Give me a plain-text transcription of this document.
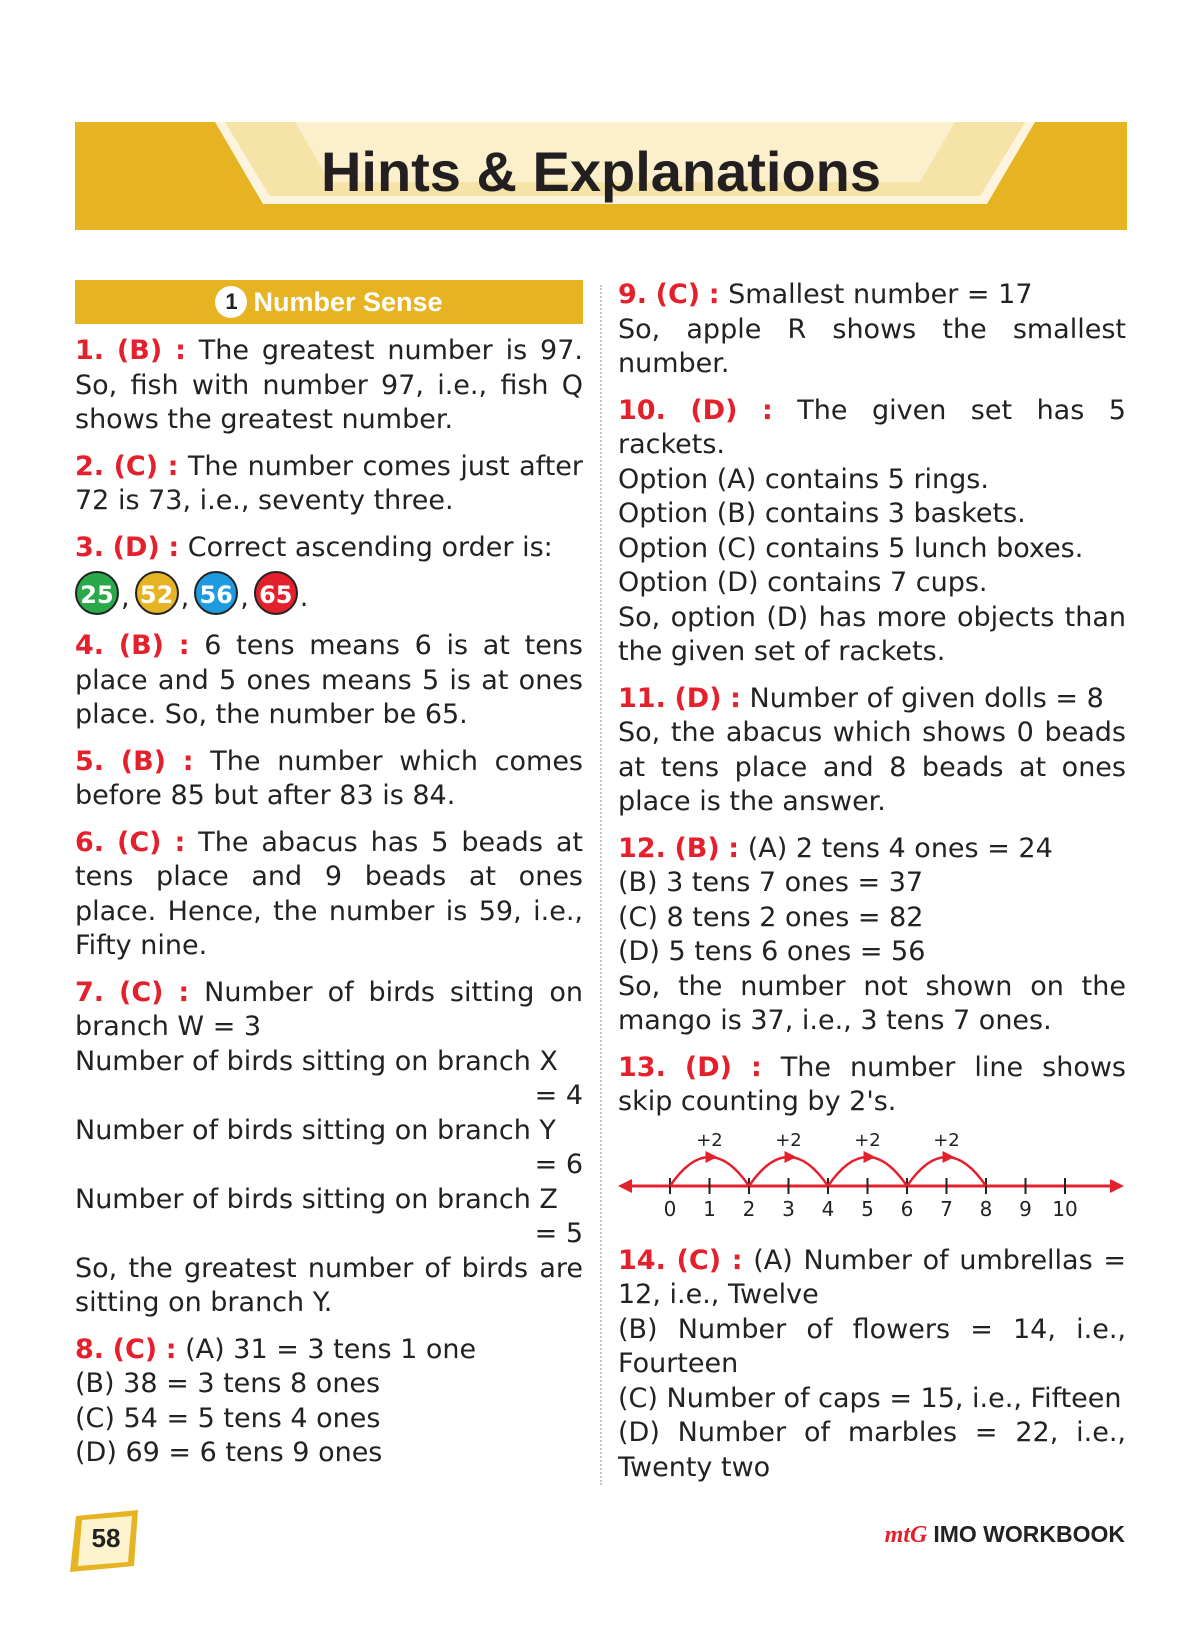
Hints & Explanations
1 Number Sense
1. (B) : The greatest number is 97. So, fish with number 97, i.e., fish Q shows the greatest number.
2. (C) : The number comes just after 72 is 73, i.e., seventy three.
3. (D) : Correct ascending order is:
25 , 52 , 56 , 65 .
4. (B) : 6 tens means 6 is at tens place and 5 ones means 5 is at ones place. So, the number be 65.
5. (B) : The number which comes before 85 but after 83 is 84.
6. (C) : The abacus has 5 beads at tens place and 9 beads at ones place. Hence, the number is 59, i.e., Fifty nine.

7. (C) : Number of birds sitting on branch W = 3

Number of birds sitting on branch X

= 4

Number of birds sitting on branch Y

= 6

Number of birds sitting on branch Z

= 5

So, the greatest number of birds are sitting on branch Y.

8. (C) : (A) 31 = 3 tens 1 one

(B) 38 = 3 tens 8 ones

(C) 54 = 5 tens 4 ones

(D) 69 = 6 tens 9 ones

9. (C) : Smallest number = 17

So, apple R shows the smallest number.

10. (D) : The given set has 5 rackets.

Option (A) contains 5 rings.

Option (B) contains 3 baskets.

Option (C) contains 5 lunch boxes.

Option (D) contains 7 cups.

So, option (D) has more objects than the given set of rackets.

11. (D) : Number of given dolls = 8

So, the abacus which shows 0 beads at tens place and 8 beads at ones place is the answer.

12. (B) : (A) 2 tens 4 ones = 24

(B) 3 tens 7 ones = 37

(C) 8 tens 2 ones = 82

(D) 5 tens 6 ones = 56

So, the number not shown on the mango is 37, i.e., 3 tens 7 ones.

13. (D) : The number line shows skip counting by 2's.
0 1 2 3 4 5 6 7 8 9 10
+2	+2	+2	+2

14. (C) : (A) Number of umbrellas = 12, i.e., Twelve

(B) Number of flowers = 14, i.e., Fourteen

(C) Number of caps = 15, i.e., Fifteen

(D) Number of marbles = 22, i.e., Twenty two

58	mtG IMO WORKBOOK
